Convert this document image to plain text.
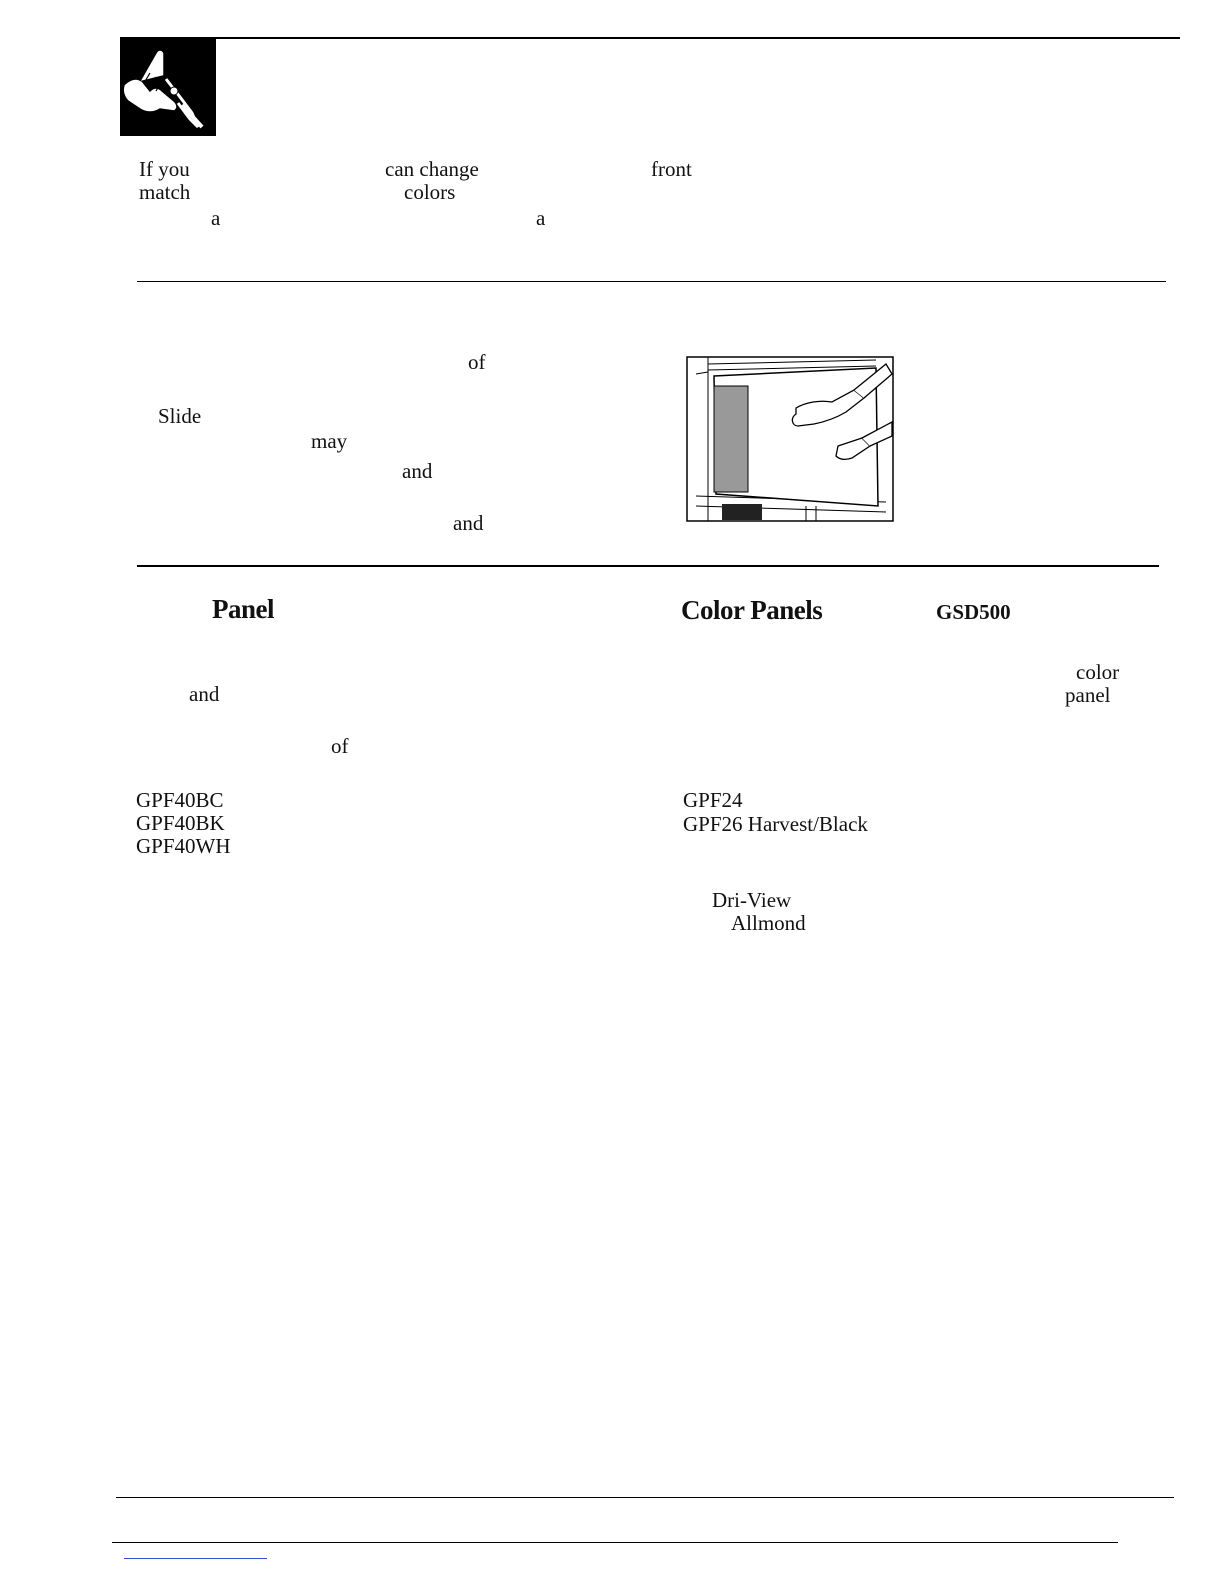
If you	can change	front
match	colors
a	a
of
Slide
may
and
and
Panel
and
of
GPF40BC
GPF40BK
GPF40WH
Color Panels	GSD500
color
panel
GPF24
GPF26 Harvest/Black
Dri-View
Allmond
